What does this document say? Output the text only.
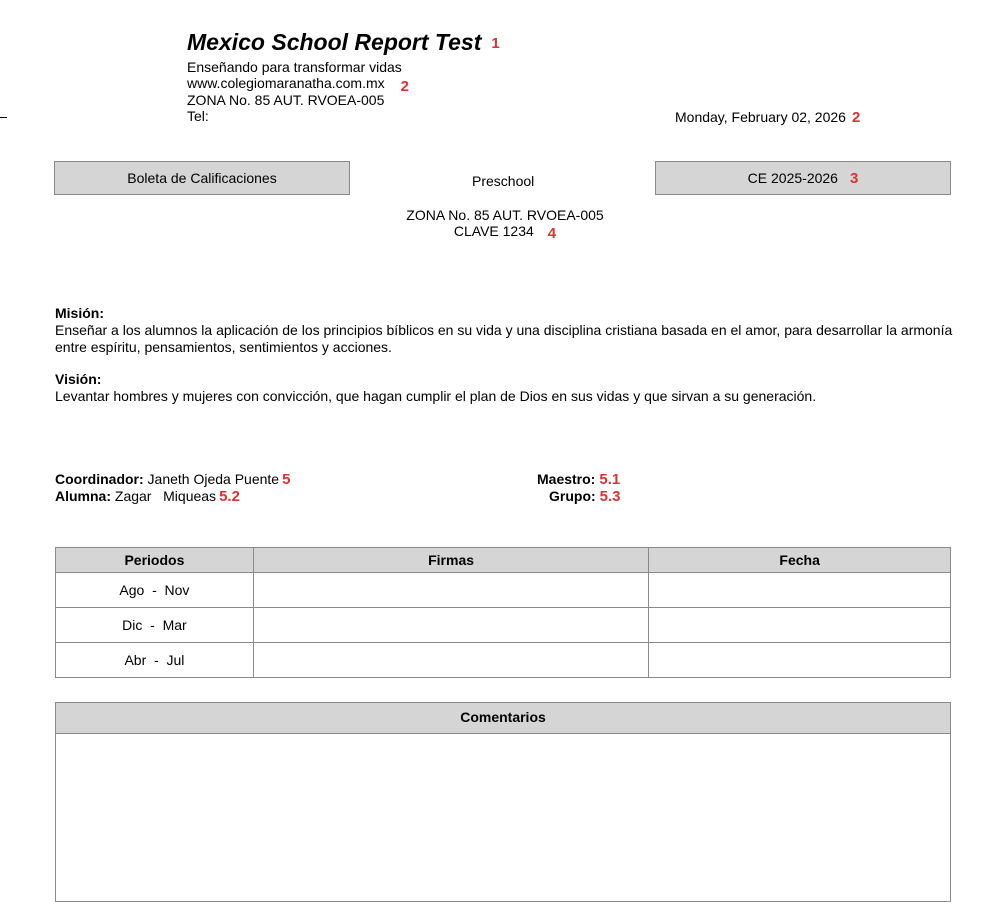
Mexico School Report Test 1
Enseñando para transformar vidas
www.colegiomaranatha.com.mx 2
ZONA No. 85 AUT. RVOEA-005
Tel:	Monday, February 02, 2026 2
Boleta de Calificaciones	Preschool	CE 2025-2026 3
ZONA No. 85 AUT. RVOEA-005
CLAVE 1234 4
Misión:
Enseñar a los alumnos la aplicación de los principios bíblicos en su vida y una disciplina cristiana basada en el amor, para desarrollar la armonía entre espíritu, pensamientos, sentimientos y acciones.
Visión:
Levantar hombres y mujeres con convicción, que hagan cumplir el plan de Dios en sus vidas y que sirvan a su generación.
Coordinador: Janeth Ojeda Puente 5
Alumna: Zagar   Miqueas 5.2
Maestro: 5.1
Grupo: 5.3
Periodos	Firmas	Fecha
Ago  -  Nov		
Dic  -  Mar		
Abr  -  Jul		
Comentarios
